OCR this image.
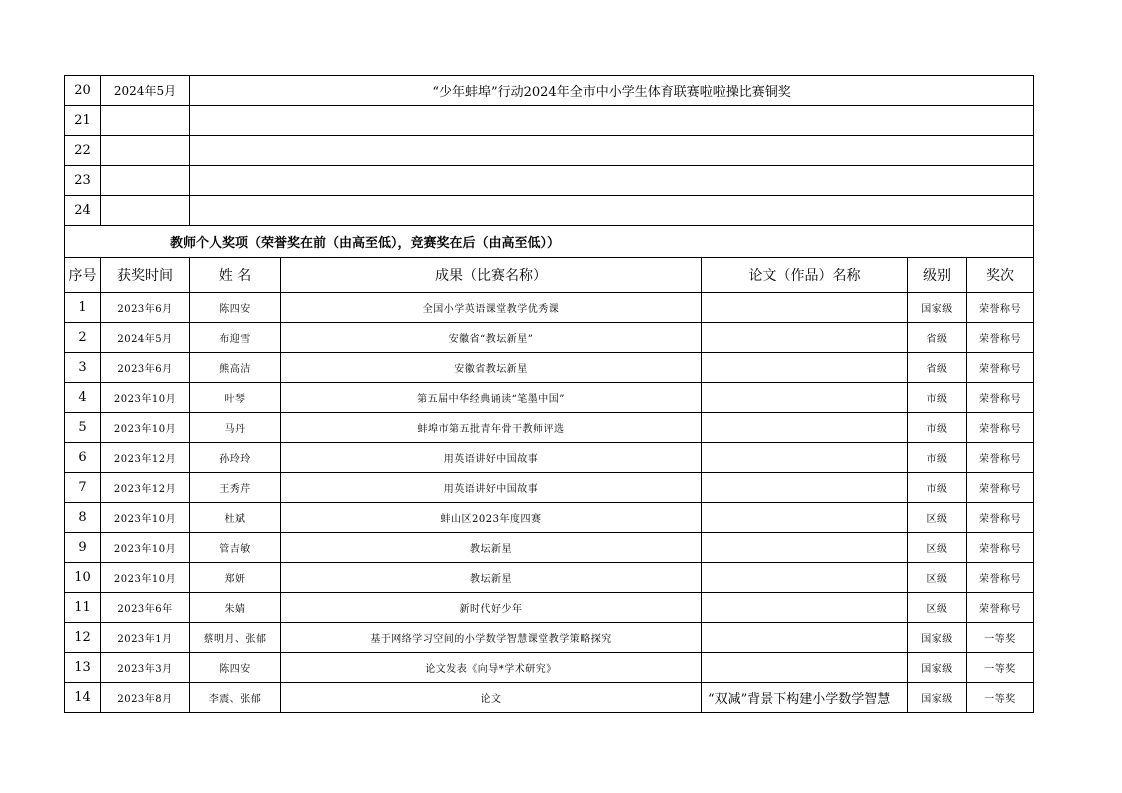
20	2024年5月	“少年蚌埠”行动2024年全市中小学生体育联赛啦啦操比赛铜奖				
21						
22						
23						
24						
教师个人奖项（荣誉奖在前（由高至低），竞赛奖在后（由高至低））						
序号	获奖时间	姓 名	成果（比赛名称）	论文（作品）名称	级别	奖次
1	2023年6月	陈四安	全国小学英语课堂教学优秀课		国家级	荣誉称号
2	2024年5月	布迎雪	安徽省“教坛新星”		省级	荣誉称号
3	2023年6月	熊高洁	安徽省教坛新星		省级	荣誉称号
4	2023年10月	叶琴	第五届中华经典诵读“笔墨中国”		市级	荣誉称号
5	2023年10月	马丹	蚌埠市第五批青年骨干教师评选		市级	荣誉称号
6	2023年12月	孙玲玲	用英语讲好中国故事		市级	荣誉称号
7	2023年12月	王秀芹	用英语讲好中国故事		市级	荣誉称号
8	2023年10月	杜斌	蚌山区2023年度四赛		区级	荣誉称号
9	2023年10月	管吉敏	教坛新星		区级	荣誉称号
10	2023年10月	郑妍	教坛新星		区级	荣誉称号
11	2023年6年	朱婧	新时代好少年		区级	荣誉称号
12	2023年1月	蔡明月、张郁	基于网络学习空间的小学数学智慧课堂教学策略探究		国家级	一等奖
13	2023年3月	陈四安	论文发表《向导*学术研究》		国家级	一等奖
14	2023年8月	李震、张郁	论文	“双减”背景下构建小学数学智慧	国家级	一等奖
